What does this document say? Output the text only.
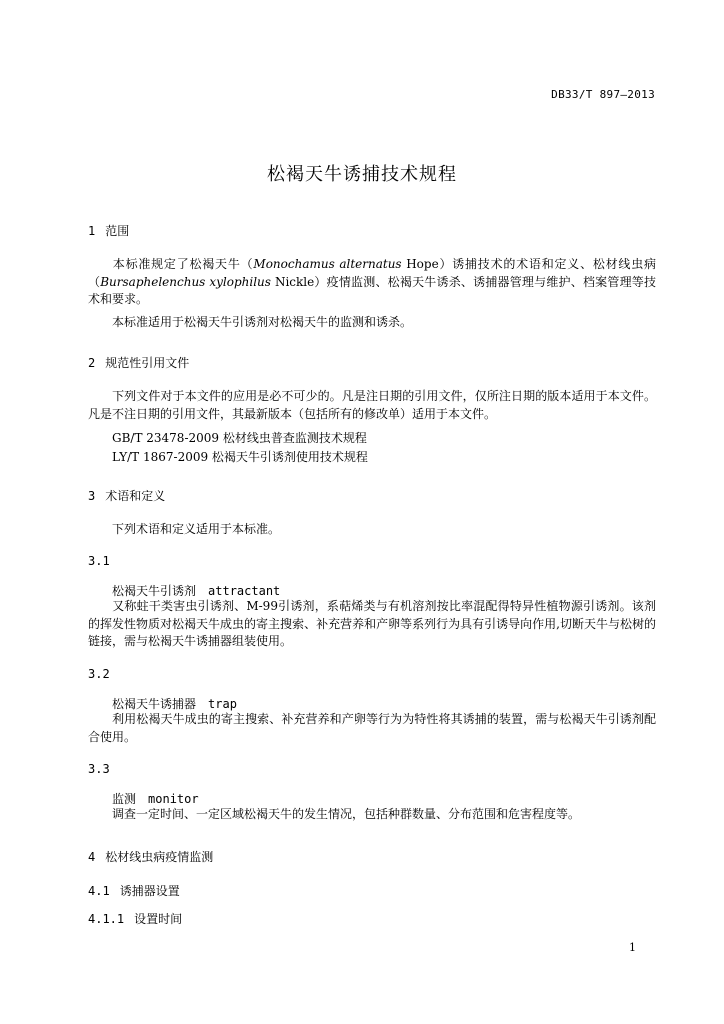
DB33/T 897—2013
松褐天牛诱捕技术规程
1 范围
本标准规定了松褐天牛（Monochamus alternatus Hope）诱捕技术的术语和定义、松材线虫病（Bursaphelenchus xylophilus Nickle）疫情监测、松褐天牛诱杀、诱捕器管理与维护、档案管理等技术和要求。
本标准适用于松褐天牛引诱剂对松褐天牛的监测和诱杀。
2 规范性引用文件
下列文件对于本文件的应用是必不可少的。凡是注日期的引用文件，仅所注日期的版本适用于本文件。凡是不注日期的引用文件，其最新版本（包括所有的修改单）适用于本文件。
GB/T 23478-2009 松材线虫普查监测技术规程
LY/T 1867-2009 松褐天牛引诱剂使用技术规程
3 术语和定义
下列术语和定义适用于本标准。
3.1
松褐天牛引诱剂 attractant
又称蛀干类害虫引诱剂、M-99引诱剂，系萜烯类与有机溶剂按比率混配得特异性植物源引诱剂。该剂的挥发性物质对松褐天牛成虫的寄主搜索、补充营养和产卵等系列行为具有引诱导向作用,切断天牛与松树的链接，需与松褐天牛诱捕器组装使用。
3.2
松褐天牛诱捕器 trap
利用松褐天牛成虫的寄主搜索、补充营养和产卵等行为为特性将其诱捕的装置，需与松褐天牛引诱剂配合使用。
3.3
监测 monitor
调查一定时间、一定区域松褐天牛的发生情况，包括种群数量、分布范围和危害程度等。
4 松材线虫病疫情监测
4.1 诱捕器设置
4.1.1 设置时间
1
